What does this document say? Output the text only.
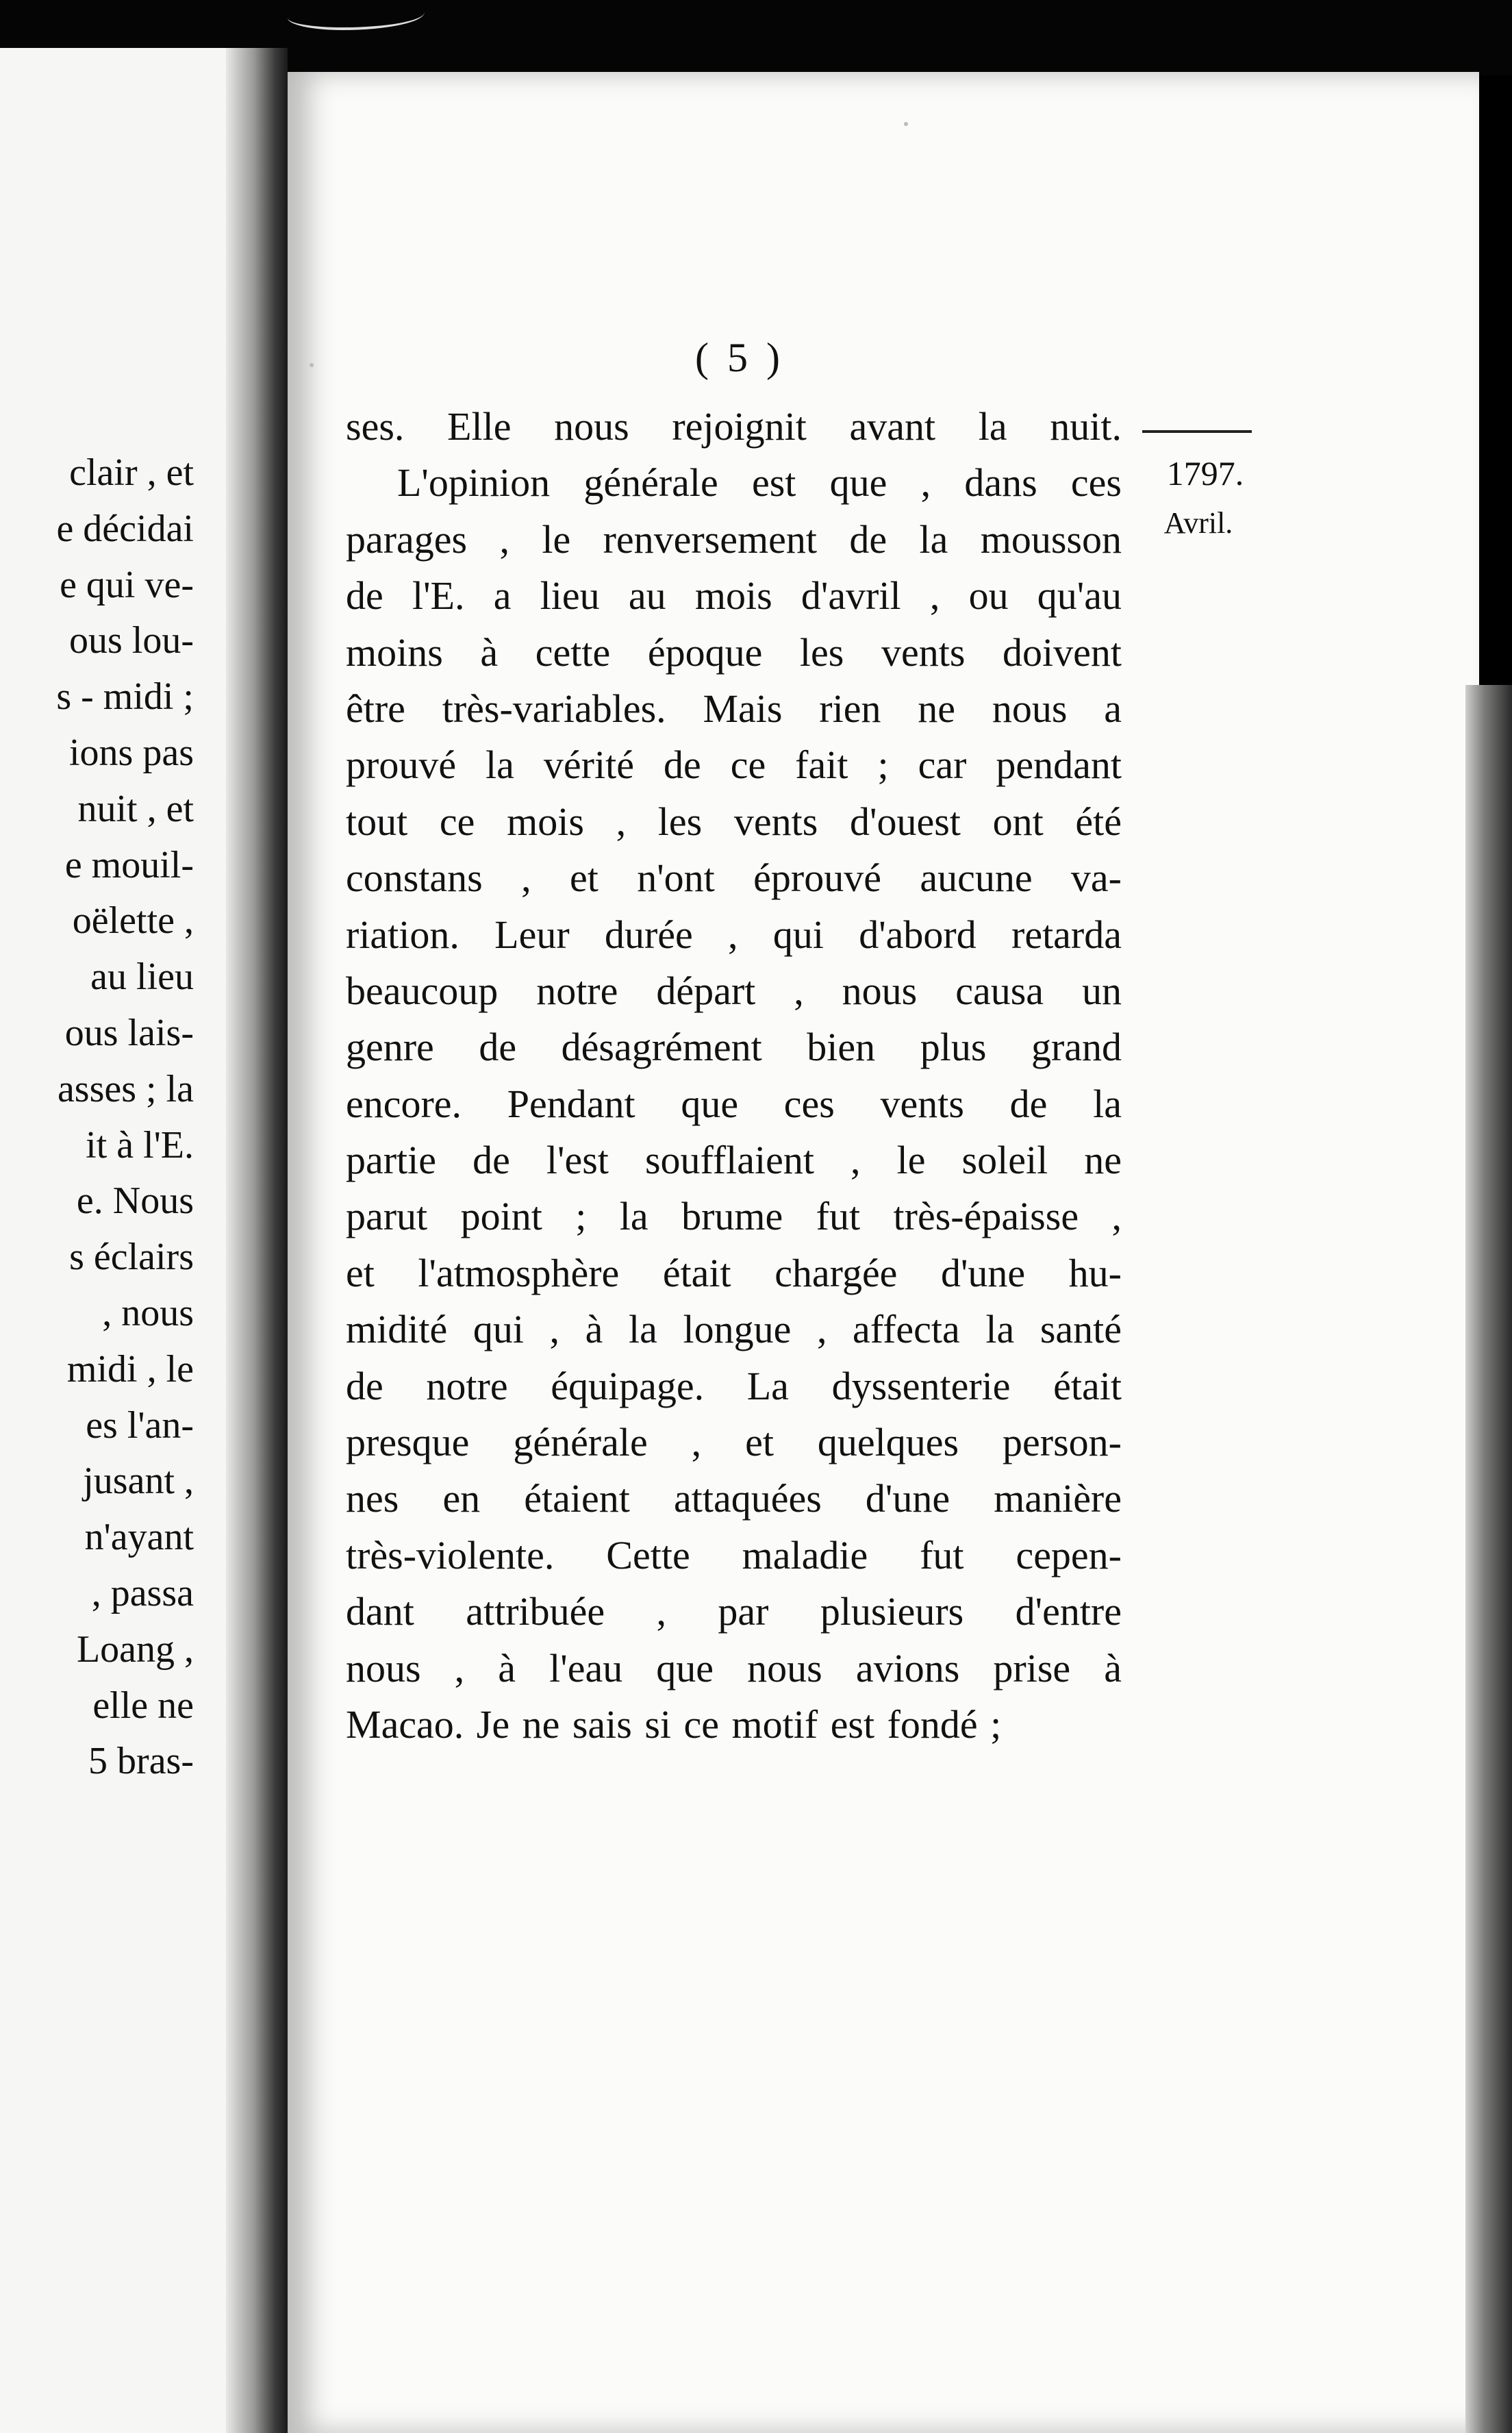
clair , et
e décidai
e qui ve-
ous lou-
s - midi ;
ions pas
nuit , et
e mouil-
oëlette ,
au lieu
ous lais-
asses ; la
it à l'E.
e. Nous
s éclairs
, nous
midi , le
es l'an-
jusant ,
n'ayant
, passa
Loang ,
elle ne
5 bras-
( 5 )
1797.
Avril.
ses. Elle nous rejoignit avant la nuit.
L'opinion générale est que , dans ces
parages , le renversement de la mousson
de l'E. a lieu au mois d'avril , ou qu'au
moins à cette époque les vents doivent
être très-variables. Mais rien ne nous a
prouvé la vérité de ce fait ; car pendant
tout ce mois , les vents d'ouest ont été
constans , et n'ont éprouvé aucune va-
riation. Leur durée , qui d'abord retarda
beaucoup notre départ , nous causa un
genre de désagrément bien plus grand
encore. Pendant que ces vents de la
partie de l'est soufflaient , le soleil ne
parut point ; la brume fut très-épaisse ,
et l'atmosphère était chargée d'une hu-
midité qui , à la longue , affecta la santé
de notre équipage. La dyssenterie était
presque générale , et quelques person-
nes en étaient attaquées d'une manière
très-violente. Cette maladie fut cepen-
dant attribuée , par plusieurs d'entre
nous , à l'eau que nous avions prise à
Macao. Je ne sais si ce motif est fondé ;
